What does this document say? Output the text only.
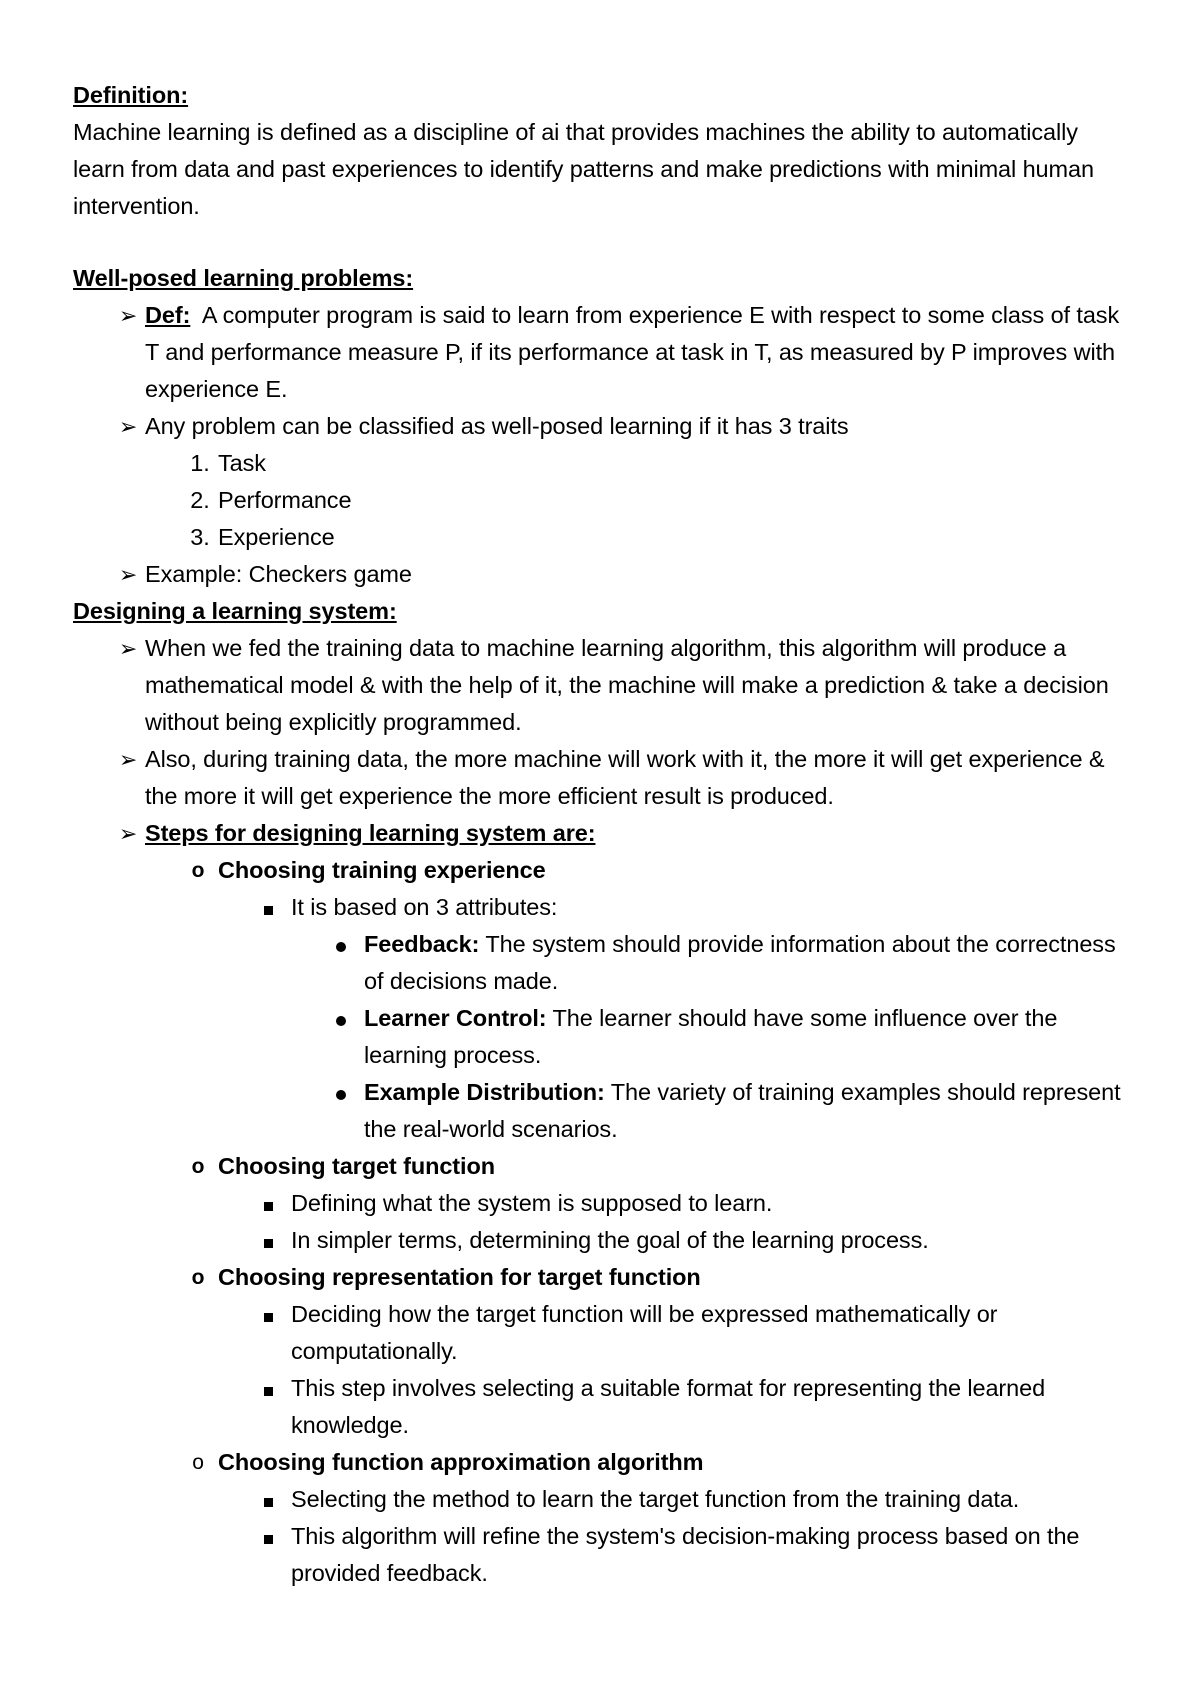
Definition:

Machine learning is defined as a discipline of ai that provides machines the ability to automatically learn from data and past experiences to identify patterns and make predictions with minimal human intervention.

Well-posed learning problems:

➢ Def: A computer program is said to learn from experience E with respect to some class of task T and performance measure P, if its performance at task in T, as measured by P improves with experience E.
➢ Any problem can be classified as well-posed learning if it has 3 traits
1. Task
2. Performance
3. Experience
➢ Example: Checkers game

Designing a learning system:

➢ When we fed the training data to machine learning algorithm, this algorithm will produce a mathematical model & with the help of it, the machine will make a prediction & take a decision without being explicitly programmed.
➢ Also, during training data, the more machine will work with it, the more it will get experience & the more it will get experience the more efficient result is produced.
➢ Steps for designing learning system are:
o Choosing training experience
It is based on 3 attributes:
Feedback: The system should provide information about the correctness of decisions made.
Learner Control: The learner should have some influence over the learning process.
Example Distribution: The variety of training examples should represent the real-world scenarios.
o Choosing target function
Defining what the system is supposed to learn.
In simpler terms, determining the goal of the learning process.
o Choosing representation for target function
Deciding how the target function will be expressed mathematically or computationally.
This step involves selecting a suitable format for representing the learned knowledge.
o Choosing function approximation algorithm
Selecting the method to learn the target function from the training data.
This algorithm will refine the system's decision-making process based on the provided feedback.
